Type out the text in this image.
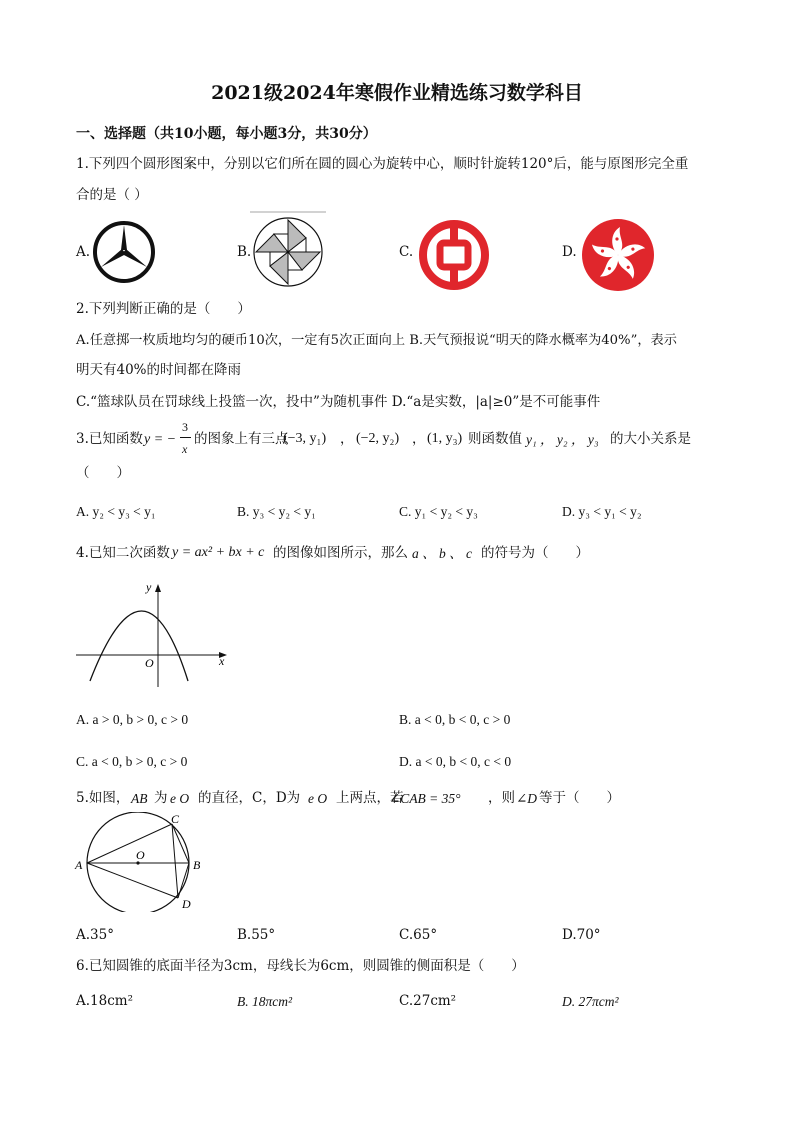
2021级2024年寒假作业精选练习数学科目
一、选择题（共10小题，每小题3分，共30分）
1.下列四个圆形图案中，分别以它们所在圆的圆心为旋转中心，顺时针旋转120°后，能与原图形完全重
合的是（ ）
A.	B.	C.	D.
2.下列判断正确的是（　　）
A.任意掷一枚质地均匀的硬币10次，一定有5次正面向上 B.天气预报说“明天的降水概率为40%”，表示
明天有40%的时间都在降雨
C.“篮球队员在罚球线上投篮一次，投中”为随机事件 D.“a是实数，|a|≥0”是不可能事件
3.已知函数 y = −
3
x
的图象上有三点
(−3, y₁) ， (−2, y₂) ， (1, y₃) 则函数值 y₁ ， y₂ ， y₃ 的大小关系是
（　　）
A. y₂ < y₃ < y₁	B. y₃ < y₂ < y₁	C. y₁ < y₂ < y₃	D. y₃ < y₁ < y₂
4.已知二次函数 y = ax² + bx + c 的图像如图所示，那么 a 、 b 、 c 的符号为（　　）
y
x
O
A. a > 0, b > 0, c > 0	B. a < 0, b < 0, c > 0
C. a < 0, b > 0, c > 0	D. a < 0, b < 0, c < 0
5.如图， AB 为 e O 的直径，C，D为 e O 上两点，若
∠CAB = 35° ，则 ∠D 等于（　　）
A	B
C
D
O
A.35°	B.55°	C.65°	D.70°
6.已知圆锥的底面半径为3cm，母线长为6cm，则圆锥的侧面积是（　　）
A.18cm²	B. 18πcm²	C.27cm²	D. 27πcm²
